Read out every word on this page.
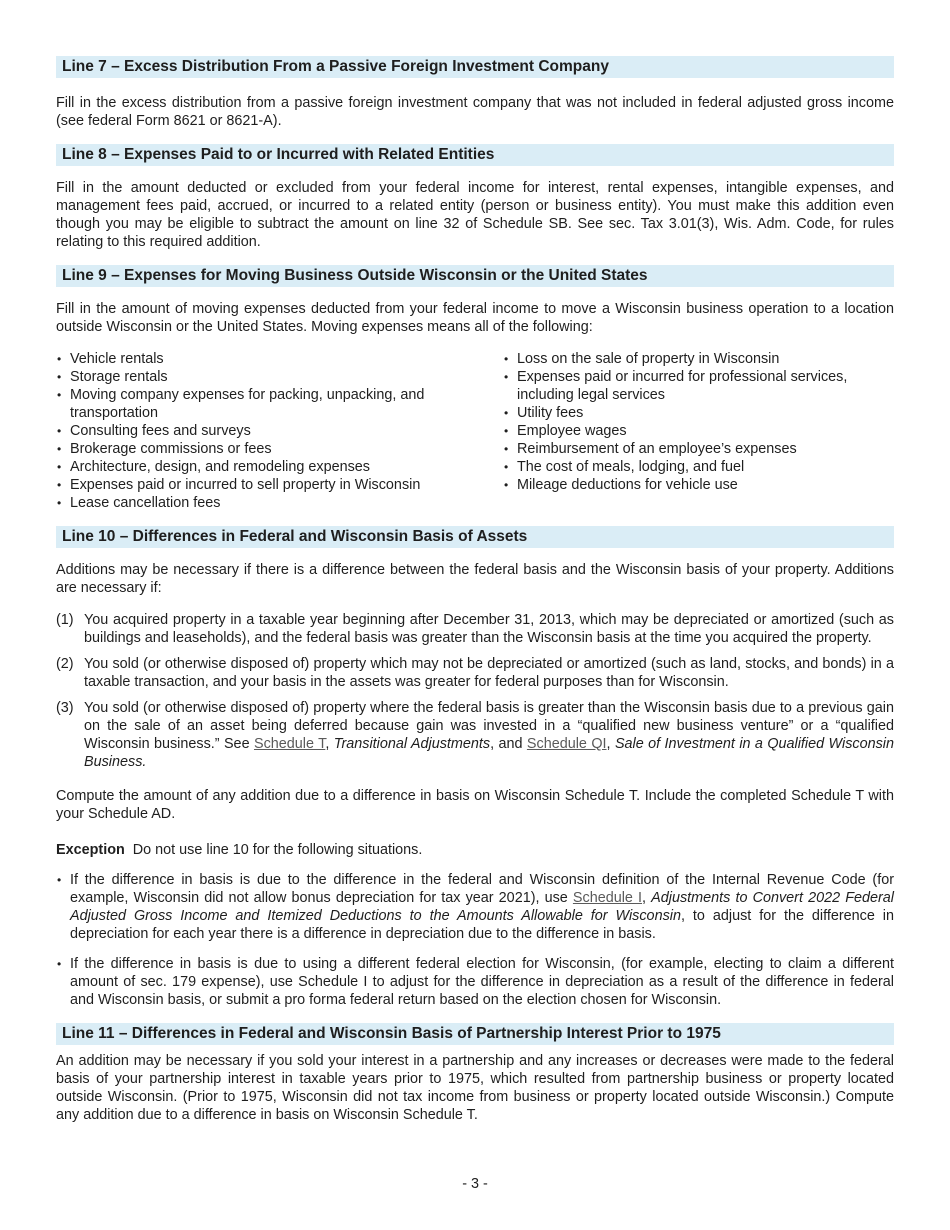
Line 7 – Excess Distribution From a Passive Foreign Investment Company

Fill in the excess distribution from a passive foreign investment company that was not included in federal adjusted gross income (see federal Form 8621 or 8621-A).

Line 8 – Expenses Paid to or Incurred with Related Entities

Fill in the amount deducted or excluded from your federal income for interest, rental expenses, intangible expenses, and management fees paid, accrued, or incurred to a related entity (person or business entity). You must make this addition even though you may be eligible to subtract the amount on line 32 of Schedule SB. See sec. Tax 3.01(3), Wis. Adm. Code, for rules relating to this required addition.

Line 9 – Expenses for Moving Business Outside Wisconsin or the United States

Fill in the amount of moving expenses deducted from your federal income to move a Wisconsin business operation to a location outside Wisconsin or the United States. Moving expenses means all of the following:

• Vehicle rentals
• Storage rentals
• Moving company expenses for packing, unpacking, and transportation
• Consulting fees and surveys
• Brokerage commissions or fees
• Architecture, design, and remodeling expenses
• Expenses paid or incurred to sell property in Wisconsin
• Lease cancellation fees
• Loss on the sale of property in Wisconsin
• Expenses paid or incurred for professional services, including legal services
• Utility fees
• Employee wages
• Reimbursement of an employee’s expenses
• The cost of meals, lodging, and fuel
• Mileage deductions for vehicle use
Line 10 – Differences in Federal and Wisconsin Basis of Assets

Additions may be necessary if there is a difference between the federal basis and the Wisconsin basis of your property. Additions are necessary if:

(1) You acquired property in a taxable year beginning after December 31, 2013, which may be depreciated or amortized (such as buildings and leaseholds), and the federal basis was greater than the Wisconsin basis at the time you acquired the property.
(2) You sold (or otherwise disposed of) property which may not be depreciated or amortized (such as land, stocks, and bonds) in a taxable transaction, and your basis in the assets was greater for federal purposes than for Wisconsin.
(3) You sold (or otherwise disposed of) property where the federal basis is greater than the Wisconsin basis due to a previous gain on the sale of an asset being deferred because gain was invested in a “qualified new business venture” or a “qualified Wisconsin business.” See Schedule T, Transitional Adjustments, and Schedule QI, Sale of Investment in a Qualified Wisconsin Business.

Compute the amount of any addition due to a difference in basis on Wisconsin Schedule T. Include the completed Schedule T with your Schedule AD.

Exception Do not use line 10 for the following situations.

• If the difference in basis is due to the difference in the federal and Wisconsin definition of the Internal Revenue Code (for example, Wisconsin did not allow bonus depreciation for tax year 2021), use Schedule I, Adjustments to Convert 2022 Federal Adjusted Gross Income and Itemized Deductions to the Amounts Allowable for Wisconsin, to adjust for the difference in depreciation for each year there is a difference in depreciation due to the difference in basis.
• If the difference in basis is due to using a different federal election for Wisconsin, (for example, electing to claim a different amount of sec. 179 expense), use Schedule I to adjust for the difference in depreciation as a result of the difference in federal and Wisconsin basis, or submit a pro forma federal return based on the election chosen for Wisconsin.
Line 11 – Differences in Federal and Wisconsin Basis of Partnership Interest Prior to 1975

An addition may be necessary if you sold your interest in a partnership and any increases or decreases were made to the federal basis of your partnership interest in taxable years prior to 1975, which resulted from partnership business or property located outside Wisconsin. (Prior to 1975, Wisconsin did not tax income from business or property located outside Wisconsin.) Compute any addition due to a difference in basis on Wisconsin Schedule T.

- 3 -
